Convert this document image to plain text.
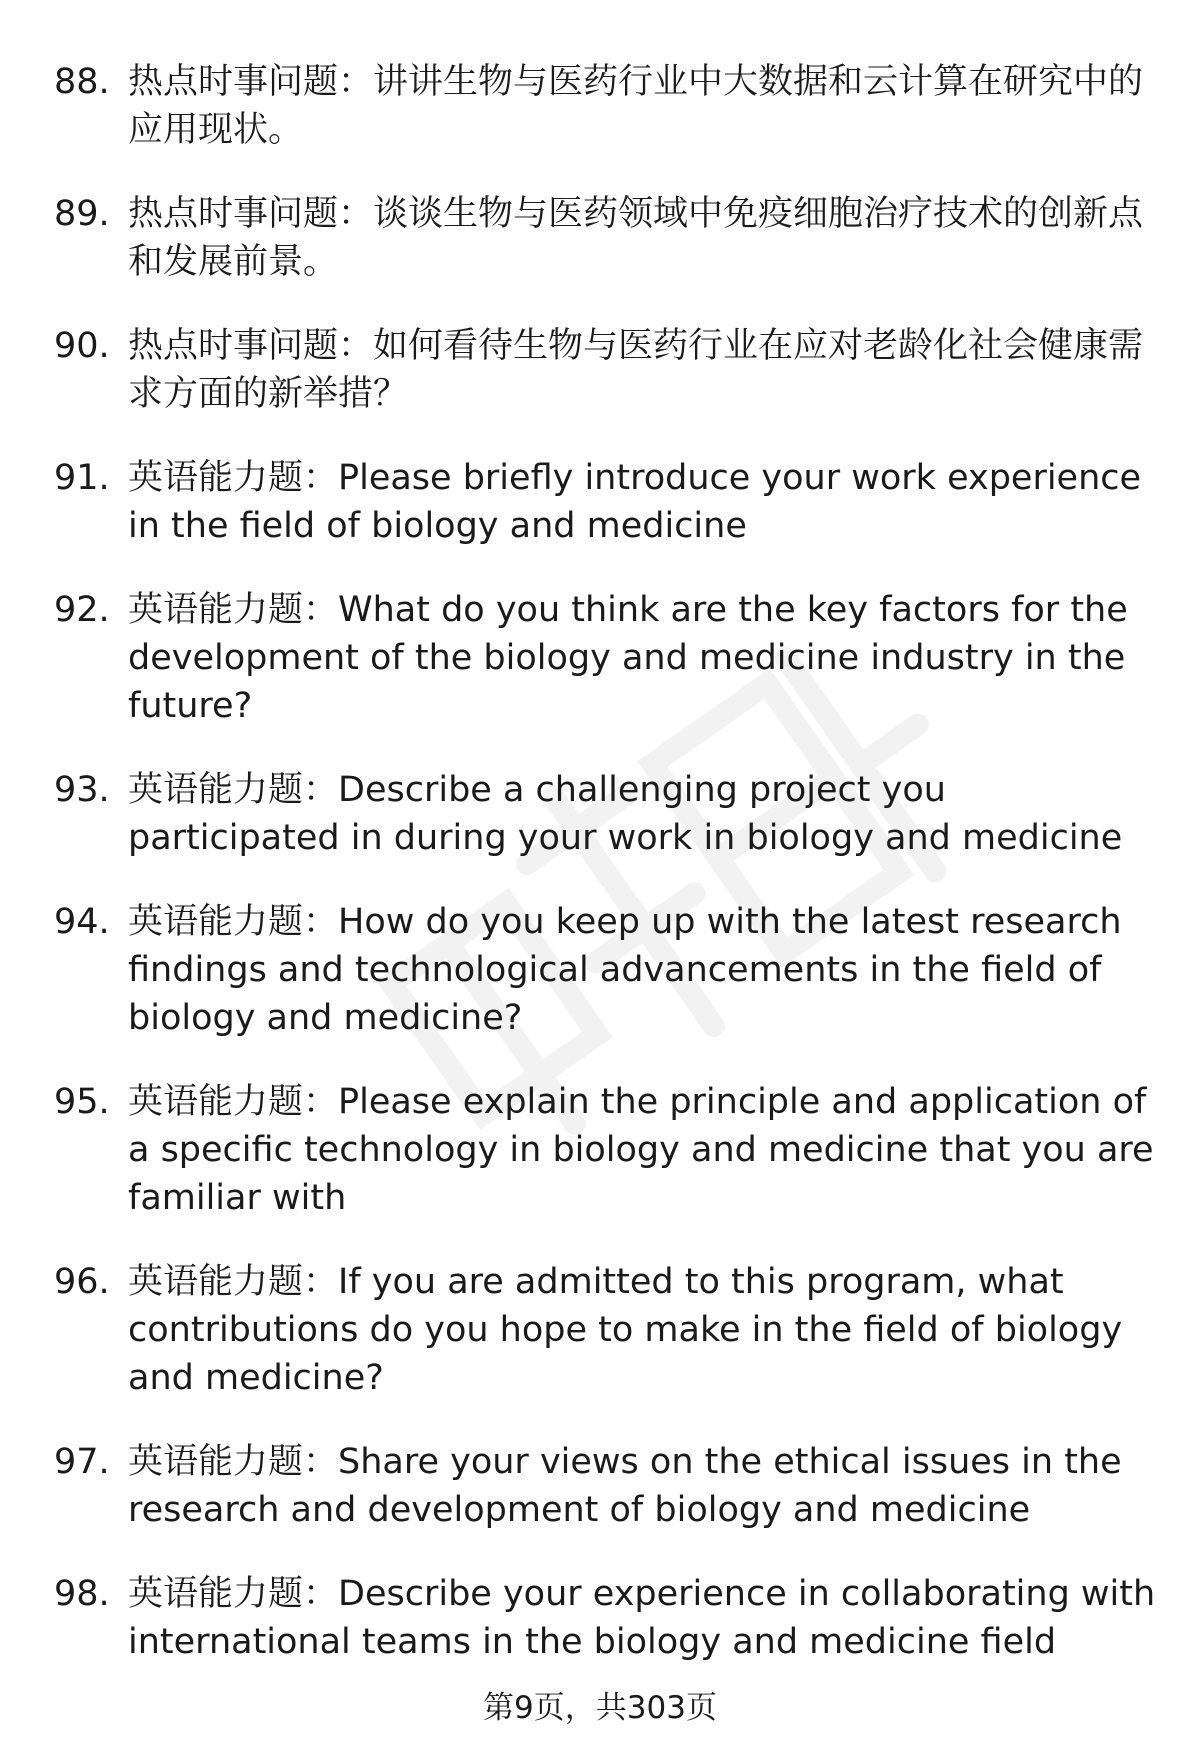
88. 热点时事问题：讲讲生物与医药行业中大数据和云计算在研究中的应用现状。
89. 热点时事问题：谈谈生物与医药领域中免疫细胞治疗技术的创新点和发展前景。
90. 热点时事问题：如何看待生物与医药行业在应对老龄化社会健康需求方面的新举措？
91. 英语能力题：Please briefly introduce your work experience in the field of biology and medicine
92. 英语能力题：What do you think are the key factors for the development of the biology and medicine industry in the future?
93. 英语能力题：Describe a challenging project you participated in during your work in biology and medicine
94. 英语能力题：How do you keep up with the latest research findings and technological advancements in the field of biology and medicine?
95. 英语能力题：Please explain the principle and application of a specific technology in biology and medicine that you are familiar with
96. 英语能力题：If you are admitted to this program, what contributions do you hope to make in the field of biology and medicine?
97. 英语能力题：Share your views on the ethical issues in the research and development of biology and medicine
98. 英语能力题：Describe your experience in collaborating with international teams in the biology and medicine field
第9页，共303页
